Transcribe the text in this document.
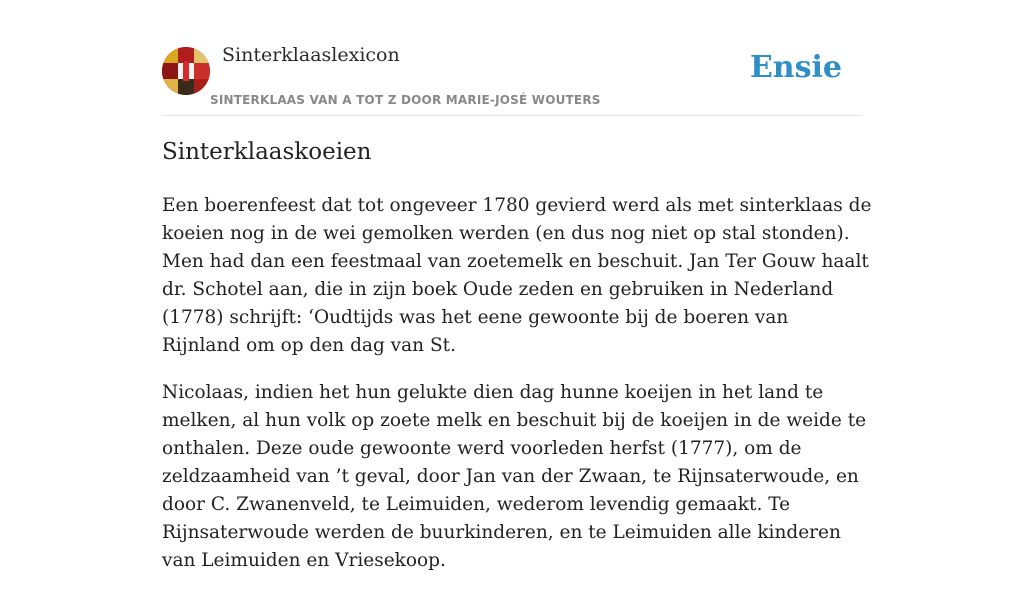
Sinterklaaslexicon
SINTERKLAAS VAN A TOT Z DOOR MARIE-JOSÉ WOUTERS
Ensie
Sinterklaaskoeien

Een boerenfeest dat tot ongeveer 1780 gevierd werd als met sinterklaas de koeien nog in de wei gemolken werden (en dus nog niet op stal stonden). Men had dan een feestmaal van zoetemelk en beschuit. Jan Ter Gouw haalt dr. Schotel aan, die in zijn boek Oude zeden en gebruiken in Nederland (1778) schrijft: ‘Oudtijds was het eene gewoonte bij de boeren van Rijnland om op den dag van St.

Nicolaas, indien het hun gelukte dien dag hunne koeijen in het land te melken, al hun volk op zoete melk en beschuit bij de koeijen in de weide te onthalen. Deze oude gewoonte werd voorleden herfst (1777), om de zeldzaamheid van ’t geval, door Jan van der Zwaan, te Rijnsaterwoude, en door C. Zwanenveld, te Leimuiden, wederom levendig gemaakt. Te Rijnsaterwoude werden de buurkinderen, en te Leimuiden alle kinderen van Leimuiden en Vriesekoop.
